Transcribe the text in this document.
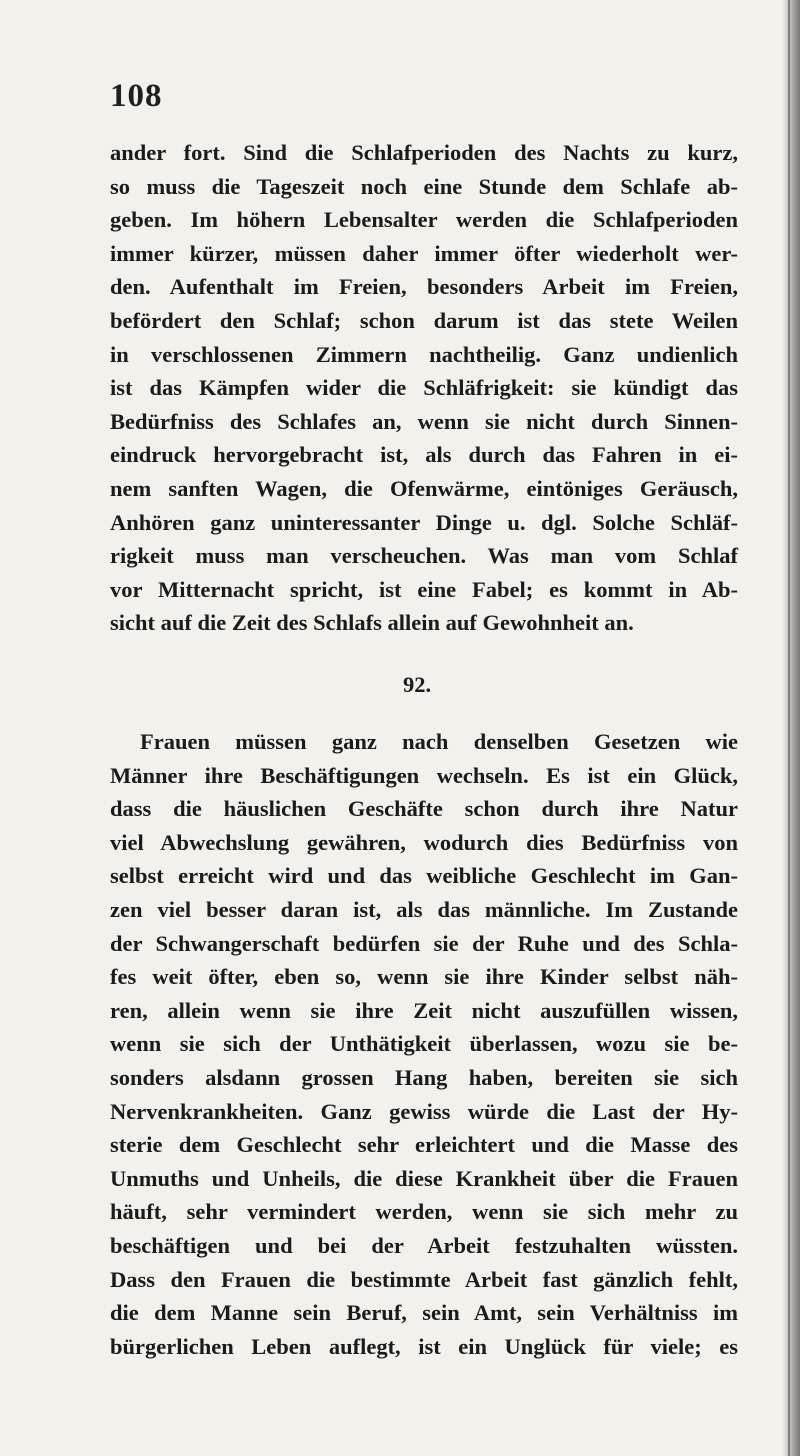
108
ander fort. Sind die Schlafperioden des Nachts zu kurz,
so muss die Tageszeit noch eine Stunde dem Schlafe ab-
geben. Im höhern Lebensalter werden die Schlafperioden
immer kürzer, müssen daher immer öfter wiederholt wer-
den. Aufenthalt im Freien, besonders Arbeit im Freien,
befördert den Schlaf; schon darum ist das stete Weilen
in verschlossenen Zimmern nachtheilig. Ganz undienlich
ist das Kämpfen wider die Schläfrigkeit: sie kündigt das
Bedürfniss des Schlafes an, wenn sie nicht durch Sinnen-
eindruck hervorgebracht ist, als durch das Fahren in ei-
nem sanften Wagen, die Ofenwärme, eintöniges Geräusch,
Anhören ganz uninteressanter Dinge u. dgl. Solche Schläf-
rigkeit muss man verscheuchen. Was man vom Schlaf
vor Mitternacht spricht, ist eine Fabel; es kommt in Ab-
sicht auf die Zeit des Schlafs allein auf Gewohnheit an.
92.
Frauen müssen ganz nach denselben Gesetzen wie
Männer ihre Beschäftigungen wechseln. Es ist ein Glück,
dass die häuslichen Geschäfte schon durch ihre Natur
viel Abwechslung gewähren, wodurch dies Bedürfniss von
selbst erreicht wird und das weibliche Geschlecht im Gan-
zen viel besser daran ist, als das männliche. Im Zustande
der Schwangerschaft bedürfen sie der Ruhe und des Schla-
fes weit öfter, eben so, wenn sie ihre Kinder selbst näh-
ren, allein wenn sie ihre Zeit nicht auszufüllen wissen,
wenn sie sich der Unthätigkeit überlassen, wozu sie be-
sonders alsdann grossen Hang haben, bereiten sie sich
Nervenkrankheiten. Ganz gewiss würde die Last der Hy-
sterie dem Geschlecht sehr erleichtert und die Masse des
Unmuths und Unheils, die diese Krankheit über die Frauen
häuft, sehr vermindert werden, wenn sie sich mehr zu
beschäftigen und bei der Arbeit festzuhalten wüssten.
Dass den Frauen die bestimmte Arbeit fast gänzlich fehlt,
die dem Manne sein Beruf, sein Amt, sein Verhältniss im
bürgerlichen Leben auflegt, ist ein Unglück für viele; es
